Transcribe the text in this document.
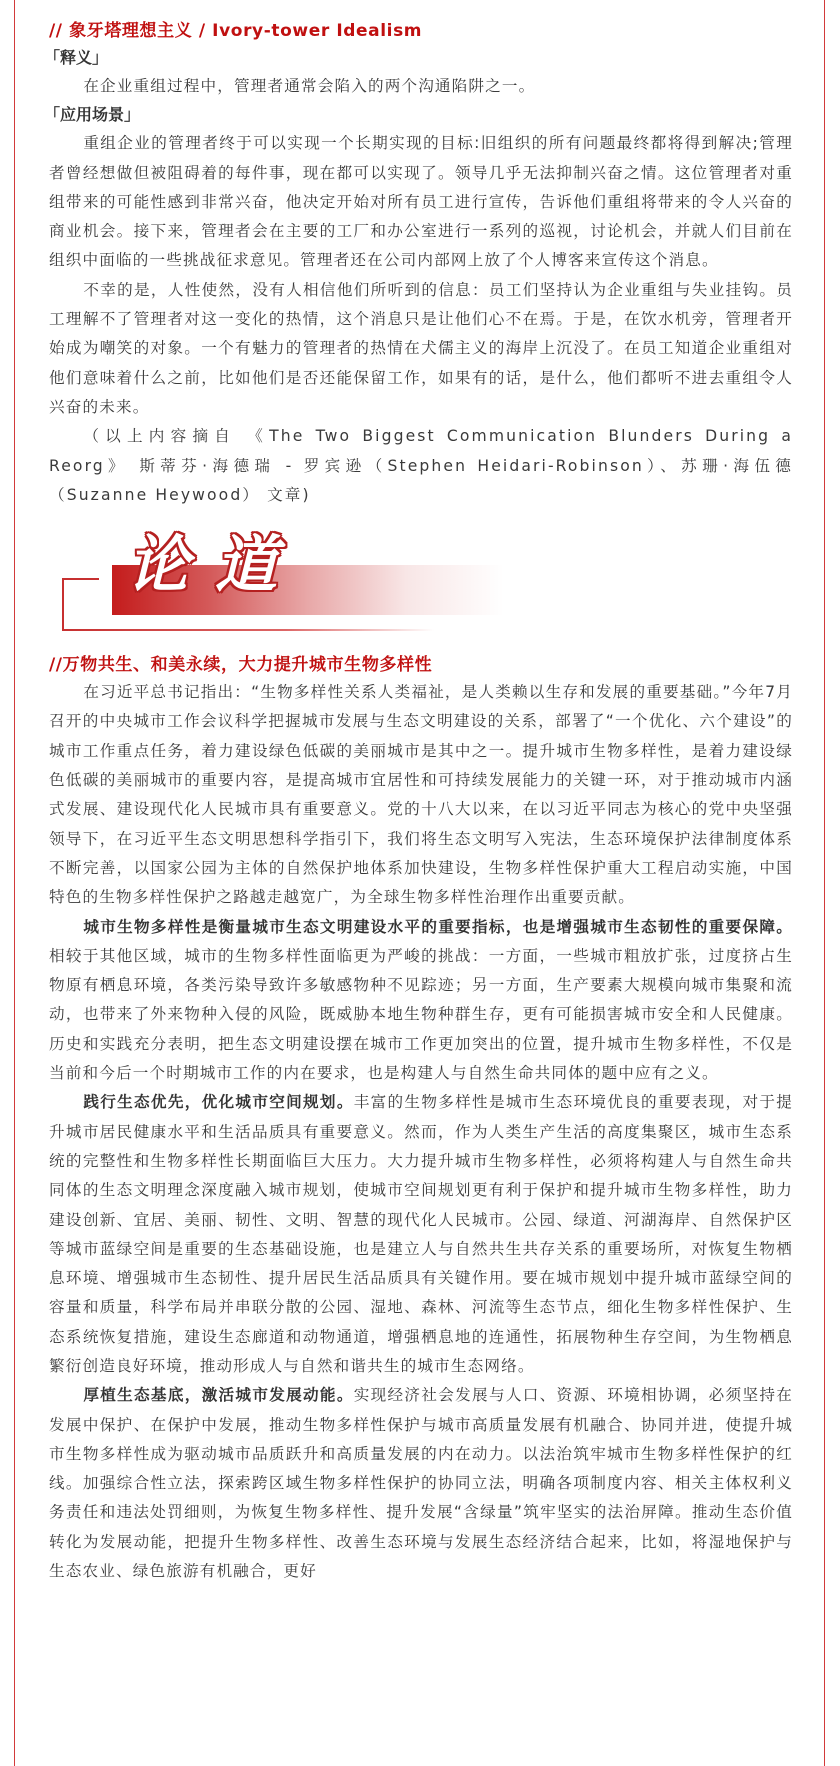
// 象牙塔理想主义 / Ivory-tower Idealism
「释义」

在企业重组过程中，管理者通常会陷入的两个沟通陷阱之一。

「应用场景」

重组企业的管理者终于可以实现一个长期实现的目标:旧组织的所有问题最终都将得到解决;管理者曾经想做但被阻碍着的每件事，现在都可以实现了。领导几乎无法抑制兴奋之情。这位管理者对重组带来的可能性感到非常兴奋，他决定开始对所有员工进行宣传，告诉他们重组将带来的令人兴奋的商业机会。接下来，管理者会在主要的工厂和办公室进行一系列的巡视，讨论机会，并就人们目前在组织中面临的一些挑战征求意见。管理者还在公司内部网上放了个人博客来宣传这个消息。

不幸的是，人性使然，没有人相信他们所听到的信息：员工们坚持认为企业重组与失业挂钩。员工理解不了管理者对这一变化的热情，这个消息只是让他们心不在焉。于是，在饮水机旁，管理者开始成为嘲笑的对象。一个有魅力的管理者的热情在犬儒主义的海岸上沉没了。在员工知道企业重组对他们意味着什么之前，比如他们是否还能保留工作，如果有的话，是什么，他们都听不进去重组令人兴奋的未来。

（以上内容摘自 《The Two Biggest Communication Blunders During a Reorg》 斯蒂芬·海德瑞 - 罗宾逊（Stephen Heidari-Robinson）、苏珊·海伍德（Suzanne Heywood） 文章)

论道
//万物共生、和美永续，大力提升城市生物多样性

在习近平总书记指出：“生物多样性关系人类福祉，是人类赖以生存和发展的重要基础。”今年7月召开的中央城市工作会议科学把握城市发展与生态文明建设的关系，部署了“一个优化、六个建设”的城市工作重点任务，着力建设绿色低碳的美丽城市是其中之一。提升城市生物多样性，是着力建设绿色低碳的美丽城市的重要内容，是提高城市宜居性和可持续发展能力的关键一环，对于推动城市内涵式发展、建设现代化人民城市具有重要意义。党的十八大以来，在以习近平同志为核心的党中央坚强领导下，在习近平生态文明思想科学指引下，我们将生态文明写入宪法，生态环境保护法律制度体系不断完善，以国家公园为主体的自然保护地体系加快建设，生物多样性保护重大工程启动实施，中国特色的生物多样性保护之路越走越宽广，为全球生物多样性治理作出重要贡献。

城市生物多样性是衡量城市生态文明建设水平的重要指标，也是增强城市生态韧性的重要保障。相较于其他区域，城市的生物多样性面临更为严峻的挑战：一方面，一些城市粗放扩张，过度挤占生物原有栖息环境，各类污染导致许多敏感物种不见踪迹；另一方面，生产要素大规模向城市集聚和流动，也带来了外来物种入侵的风险，既威胁本地生物种群生存，更有可能损害城市安全和人民健康。历史和实践充分表明，把生态文明建设摆在城市工作更加突出的位置，提升城市生物多样性，不仅是当前和今后一个时期城市工作的内在要求，也是构建人与自然生命共同体的题中应有之义。

践行生态优先，优化城市空间规划。丰富的生物多样性是城市生态环境优良的重要表现，对于提升城市居民健康水平和生活品质具有重要意义。然而，作为人类生产生活的高度集聚区，城市生态系统的完整性和生物多样性长期面临巨大压力。大力提升城市生物多样性，必须将构建人与自然生命共同体的生态文明理念深度融入城市规划，使城市空间规划更有利于保护和提升城市生物多样性，助力建设创新、宜居、美丽、韧性、文明、智慧的现代化人民城市。公园、绿道、河湖海岸、自然保护区等城市蓝绿空间是重要的生态基础设施，也是建立人与自然共生共存关系的重要场所，对恢复生物栖息环境、增强城市生态韧性、提升居民生活品质具有关键作用。要在城市规划中提升城市蓝绿空间的容量和质量，科学布局并串联分散的公园、湿地、森林、河流等生态节点，细化生物多样性保护、生态系统恢复措施，建设生态廊道和动物通道，增强栖息地的连通性，拓展物种生存空间，为生物栖息繁衍创造良好环境，推动形成人与自然和谐共生的城市生态网络。

厚植生态基底，激活城市发展动能。实现经济社会发展与人口、资源、环境相协调，必须坚持在发展中保护、在保护中发展，推动生物多样性保护与城市高质量发展有机融合、协同并进，使提升城市生物多样性成为驱动城市品质跃升和高质量发展的内在动力。以法治筑牢城市生物多样性保护的红线。加强综合性立法，探索跨区域生物多样性保护的协同立法，明确各项制度内容、相关主体权利义务责任和违法处罚细则，为恢复生物多样性、提升发展“含绿量”筑牢坚实的法治屏障。推动生态价值转化为发展动能，把提升生物多样性、改善生态环境与发展生态经济结合起来，比如，将湿地保护与生态农业、绿色旅游有机融合，更好
